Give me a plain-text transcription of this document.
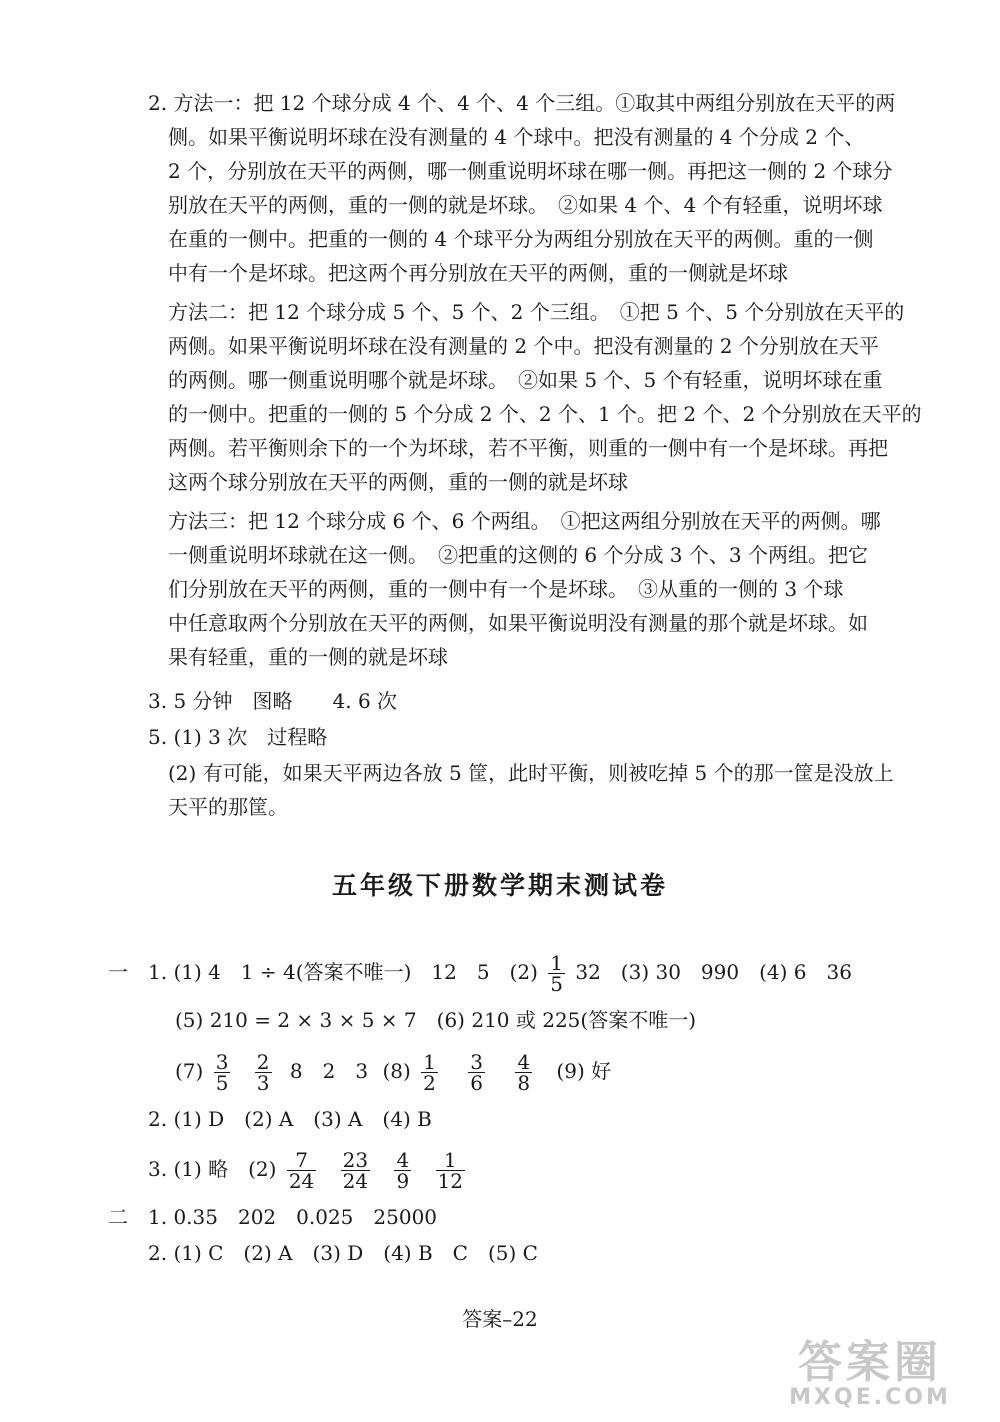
2. 方法一：把 12 个球分成 4 个、4 个、4 个三组。①取其中两组分别放在天平的两
侧。如果平衡说明坏球在没有测量的 4 个球中。把没有测量的 4 个分成 2 个、
2 个，分别放在天平的两侧，哪一侧重说明坏球在哪一侧。再把这一侧的 2 个球分
别放在天平的两侧，重的一侧的就是坏球。　②如果 4 个、4 个有轻重，说明坏球
在重的一侧中。把重的一侧的 4 个球平分为两组分别放在天平的两侧。重的一侧
中有一个是坏球。把这两个再分别放在天平的两侧，重的一侧就是坏球
方法二：把 12 个球分成 5 个、5 个、2 个三组。　①把 5 个、5 个分别放在天平的
两侧。如果平衡说明坏球在没有测量的 2 个中。把没有测量的 2 个分别放在天平
的两侧。哪一侧重说明哪个就是坏球。　②如果 5 个、5 个有轻重，说明坏球在重
的一侧中。把重的一侧的 5 个分成 2 个、2 个、1 个。把 2 个、2 个分别放在天平的
两侧。若平衡则余下的一个为坏球，若不平衡，则重的一侧中有一个是坏球。再把
这两个球分别放在天平的两侧，重的一侧的就是坏球
方法三：把 12 个球分成 6 个、6 个两组。　①把这两组分别放在天平的两侧。哪
一侧重说明坏球就在这一侧。　②把重的这侧的 6 个分成 3 个、3 个两组。把它
们分别放在天平的两侧，重的一侧中有一个是坏球。　③从重的一侧的 3 个球
中任意取两个分别放在天平的两侧，如果平衡说明没有测量的那个就是坏球。如
果有轻重，重的一侧的就是坏球
3. 5 分钟　图略　　4. 6 次
5. (1) 3 次　过程略
(2) 有可能，如果天平两边各放 5 筐，此时平衡，则被吃掉 5 个的那一筐是没放上
天平的那筐。
五年级下册数学期末测试卷
一　1. (1) 4　1 ÷ 4(答案不唯一)　12　5　$(2) \frac{1}{5} 32$　(3) 30　990　(4) 6　36
(5) 210 = 2 × 3 × 5 × 7　(6) 210 或 225(答案不唯一)
$(7) \frac{3}{5}$
$\frac{2}{3} 8$　2　3 $(8) \frac{1}{2}$
$\frac{3}{6}$
$\frac{4}{8} (9)$ 好
2. (1) D　(2) A　(3) A　(4) B
3. (1) 略　$(2) \frac{7}{24}$
$\frac{23}{24}$
$\frac{4}{9}$
$\frac{1}{12}$
二　1. 0.35　202　0.025　25000
2. (1) C　(2) A　(3) D　(4) B　C　(5) C
答案–22
答案圈
MXQE.COM
